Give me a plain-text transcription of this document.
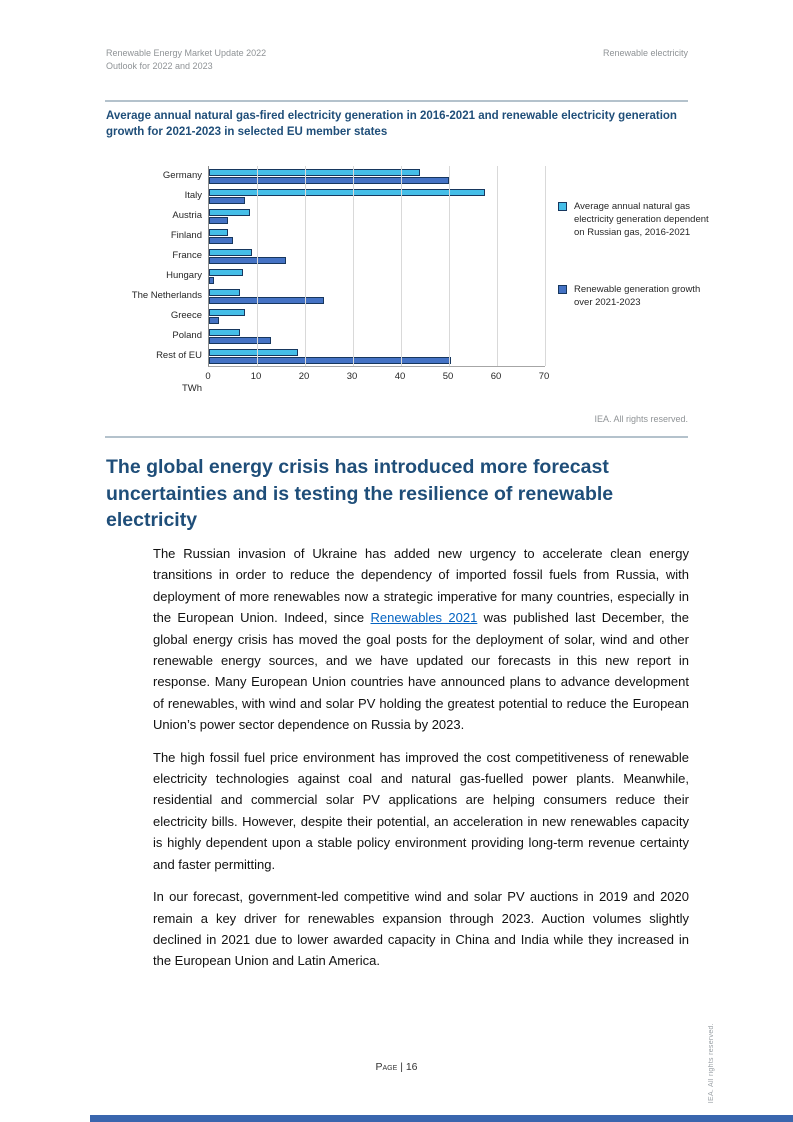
Renewable Energy Market Update 2022
Outlook for 2022 and 2023
Renewable electricity
Average annual natural gas-fired electricity generation in 2016-2021 and renewable electricity generation growth for 2021-2023 in selected EU member states
Germany
Italy
Austria
Finland
France
Hungary
The Netherlands
Greece
Poland
Rest of EU
TWh
0	10	20	30	40	50	60	70
Average annual natural gas electricity generation dependent on Russian gas, 2016-2021
Renewable generation growth over 2021-2023
IEA. All rights reserved.
The global energy crisis has introduced more forecast uncertainties and is testing the resilience of renewable electricity

The Russian invasion of Ukraine has added new urgency to accelerate clean energy transitions in order to reduce the dependency of imported fossil fuels from Russia, with deployment of more renewables now a strategic imperative for many countries, especially in the European Union. Indeed, since Renewables 2021 was published last December, the global energy crisis has moved the goal posts for the deployment of solar, wind and other renewable energy sources, and we have updated our forecasts in this new report in response. Many European Union countries have announced plans to advance development of renewables, with wind and solar PV holding the greatest potential to reduce the European Union’s power sector dependence on Russia by 2023.

The high fossil fuel price environment has improved the cost competitiveness of renewable electricity technologies against coal and natural gas-fuelled power plants. Meanwhile, residential and commercial solar PV applications are helping consumers reduce their electricity bills. However, despite their potential, an acceleration in new renewables capacity is highly dependent upon a stable policy environment providing long-term revenue certainty and faster permitting.

In our forecast, government-led competitive wind and solar PV auctions in 2019 and 2020 remain a key driver for renewables expansion through 2023. Auction volumes slightly declined in 2021 due to lower awarded capacity in China and India while they increased in the European Union and Latin America.

Page | 16	IEA. All rights reserved.
